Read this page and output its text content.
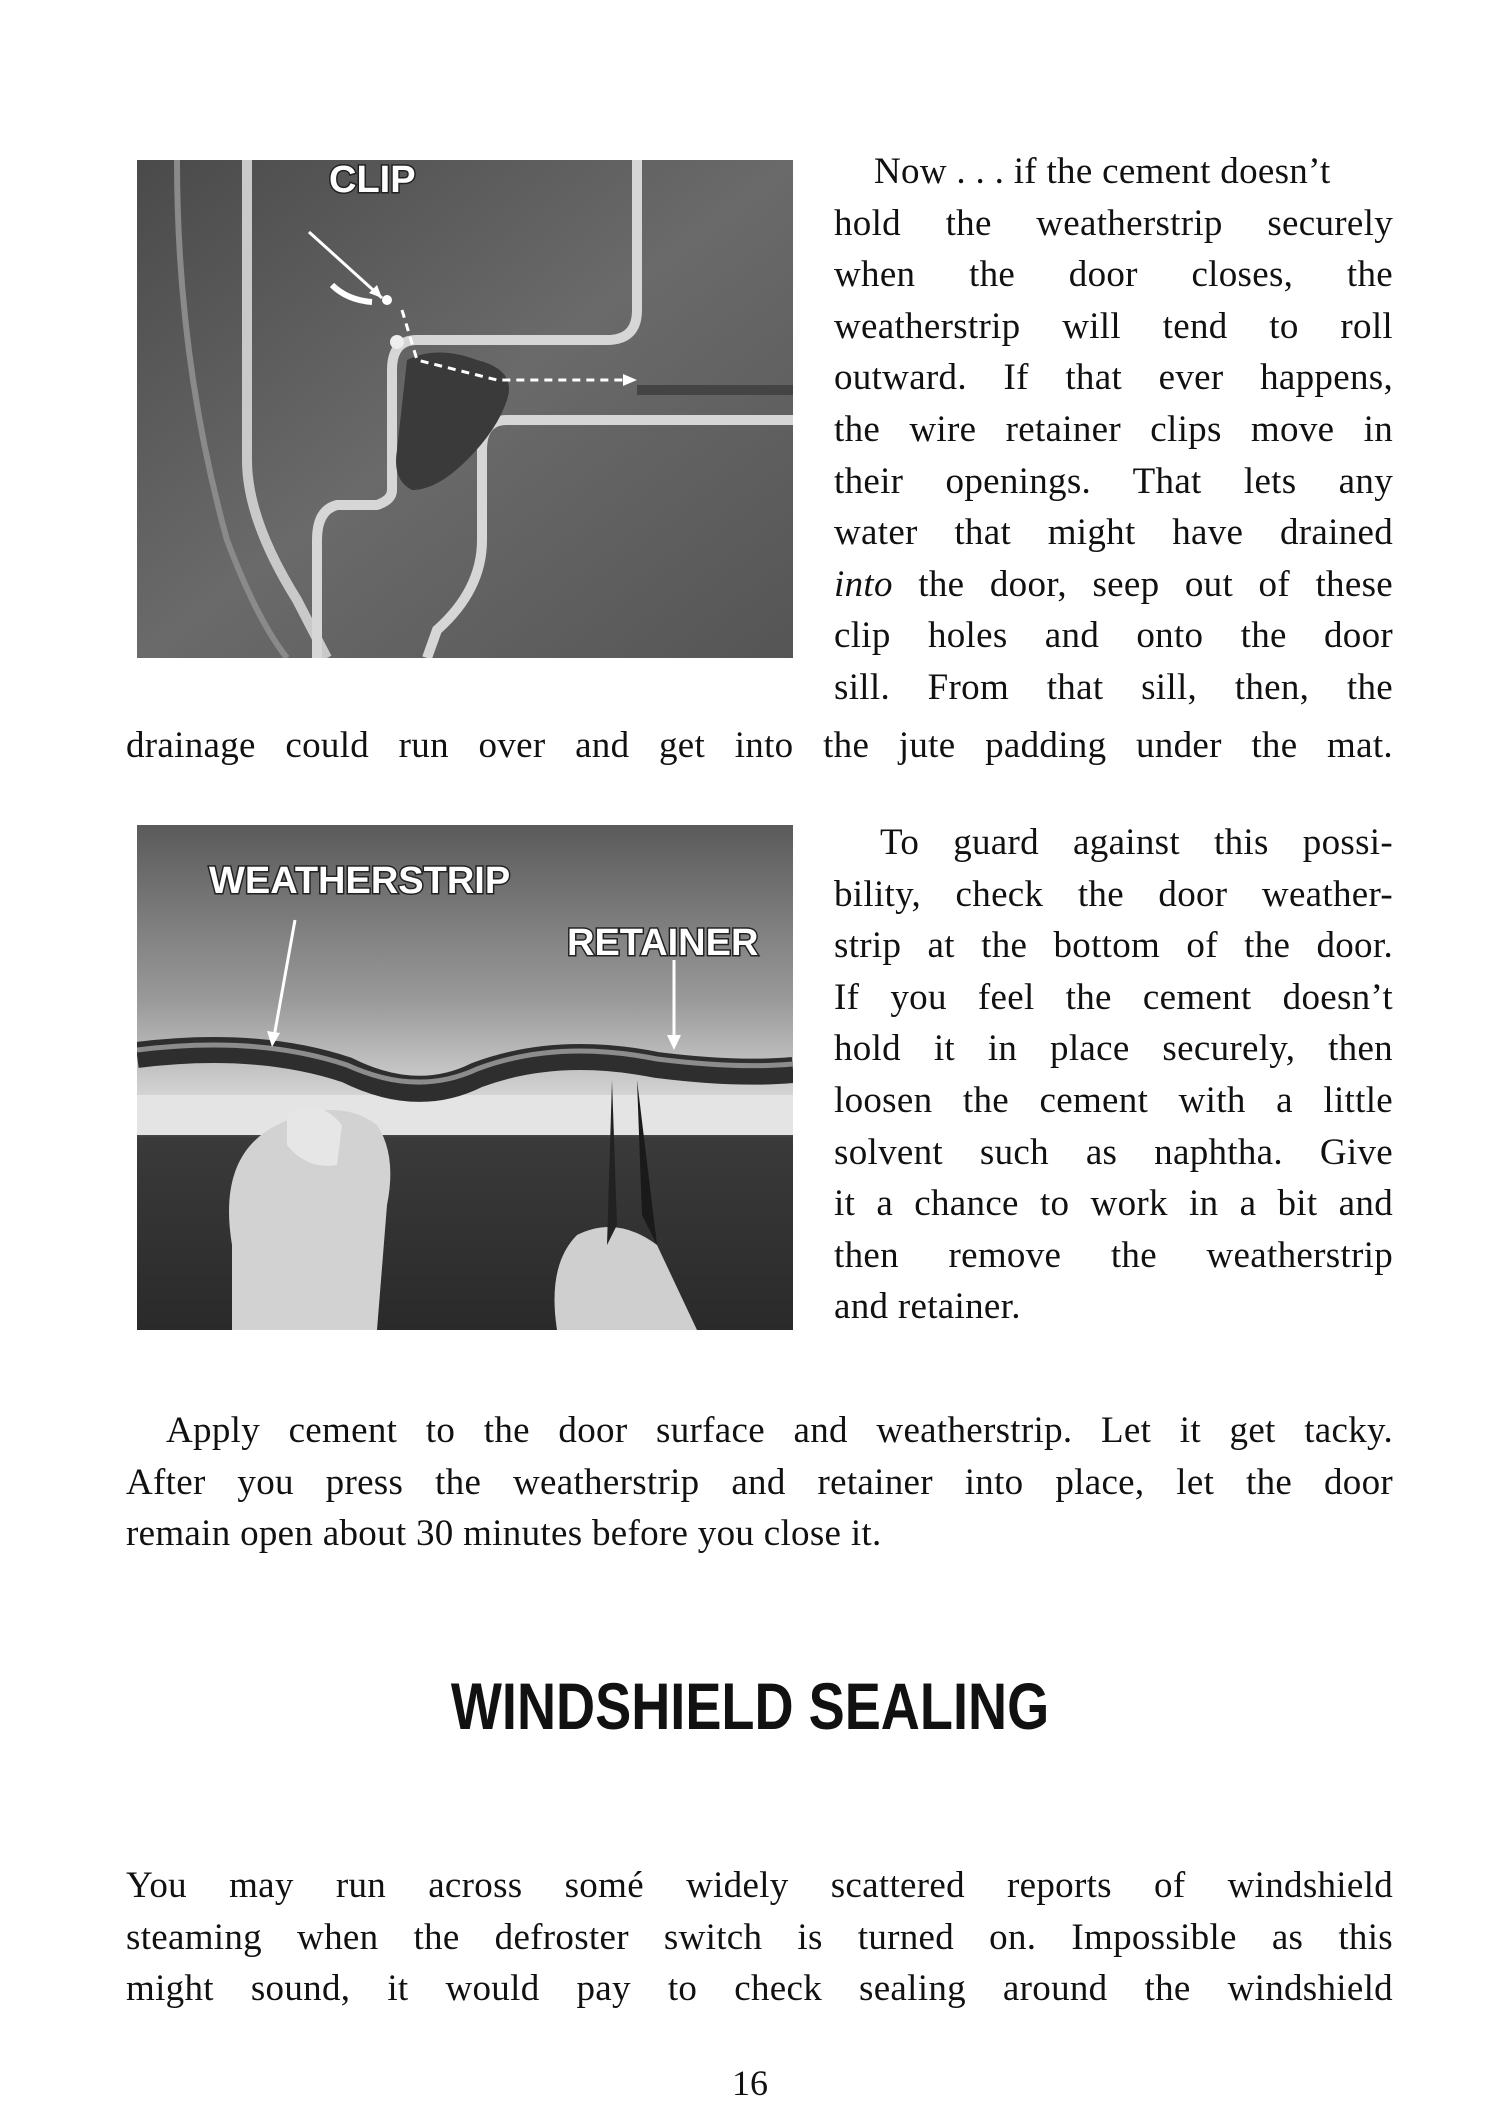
CLIP	Now . . . if the cement doesn’t
hold the weatherstrip securely
when the door closes, the
weatherstrip will tend to roll
outward. If that ever happens,
the wire retainer clips move in
their openings. That lets any
water that might have drained
into the door, seep out of these
clip holes and onto the door
sill. From that sill, then, the
drainage could run over and get into the jute padding under the mat.
WEATHERSTRIP
RETAINER
To guard against this possi-
bility, check the door weather-
strip at the bottom of the door.
If you feel the cement doesn’t
hold it in place securely, then
loosen the cement with a little
solvent such as naphtha. Give
it a chance to work in a bit and
then remove the weatherstrip
and retainer.
Apply cement to the door surface and weatherstrip. Let it get tacky.
After you press the weatherstrip and retainer into place, let the door
remain open about 30 minutes before you close it.
WINDSHIELD SEALING
You may run across somé widely scattered reports of windshield
steaming when the defroster switch is turned on. Impossible as this
might sound, it would pay to check sealing around the windshield

16
